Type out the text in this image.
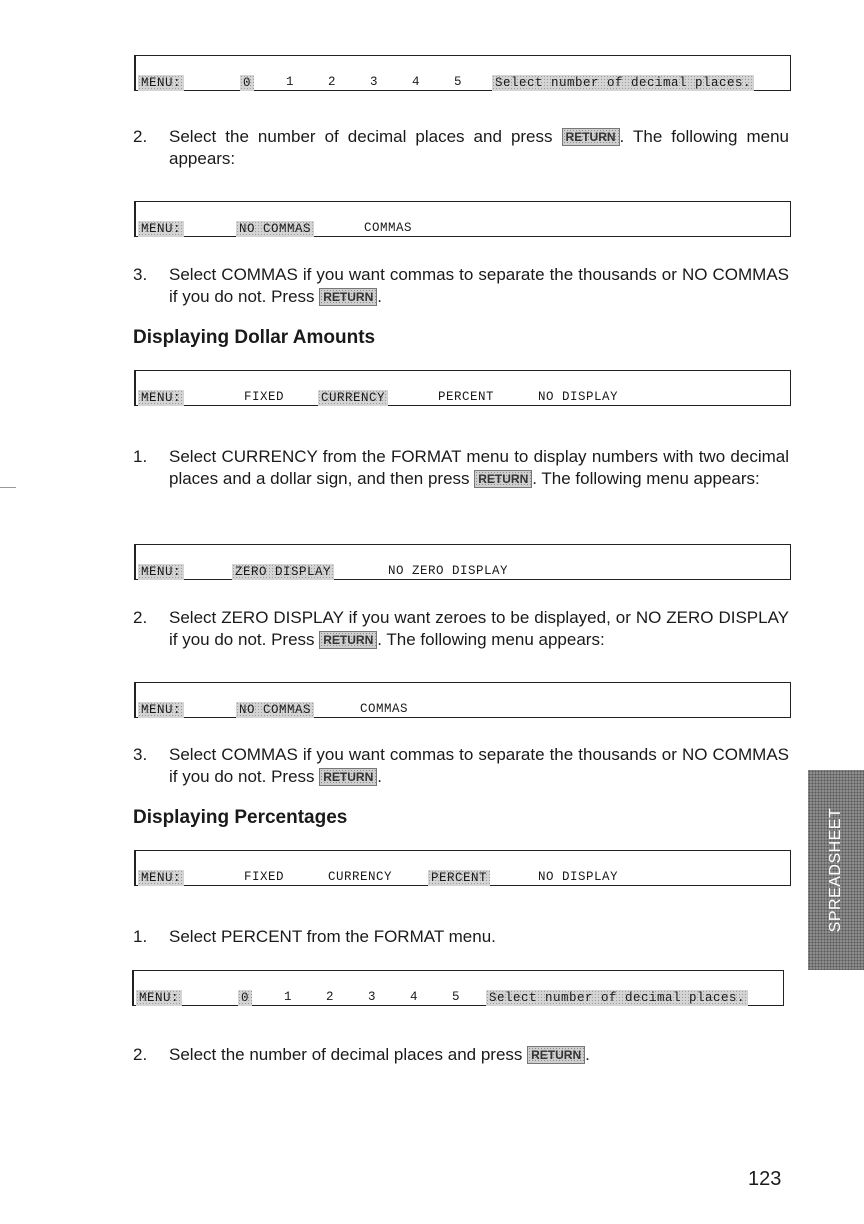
MENU:	0	1	2	3	4	5	Select number of decimal places.
2. Select the number of decimal places and press RETURN . The following menu appears:
MENU:	NO COMMAS	COMMAS
3. Select COMMAS if you want commas to separate the thousands or NO COMMAS if you do not. Press RETURN .
Displaying Dollar Amounts
MENU:	FIXED	CURRENCY	PERCENT	NO DISPLAY
1. Select CURRENCY from the FORMAT menu to display numbers with two decimal places and a dollar sign, and then press RETURN . The following menu appears:
MENU:	ZERO DISPLAY	NO ZERO DISPLAY
2. Select ZERO DISPLAY if you want zeroes to be displayed, or NO ZERO DISPLAY if you do not. Press RETURN . The following menu appears:
MENU:	NO COMMAS	COMMAS
3. Select COMMAS if you want commas to separate the thousands or NO COMMAS if you do not. Press RETURN .
Displaying Percentages
MENU:	FIXED	CURRENCY	PERCENT	NO DISPLAY
1. Select PERCENT from the FORMAT menu.
MENU:	0	1	2	3	4	5 Select number of decimal places.
2. Select the number of decimal places and press RETURN .
SPREADSHEET
123
